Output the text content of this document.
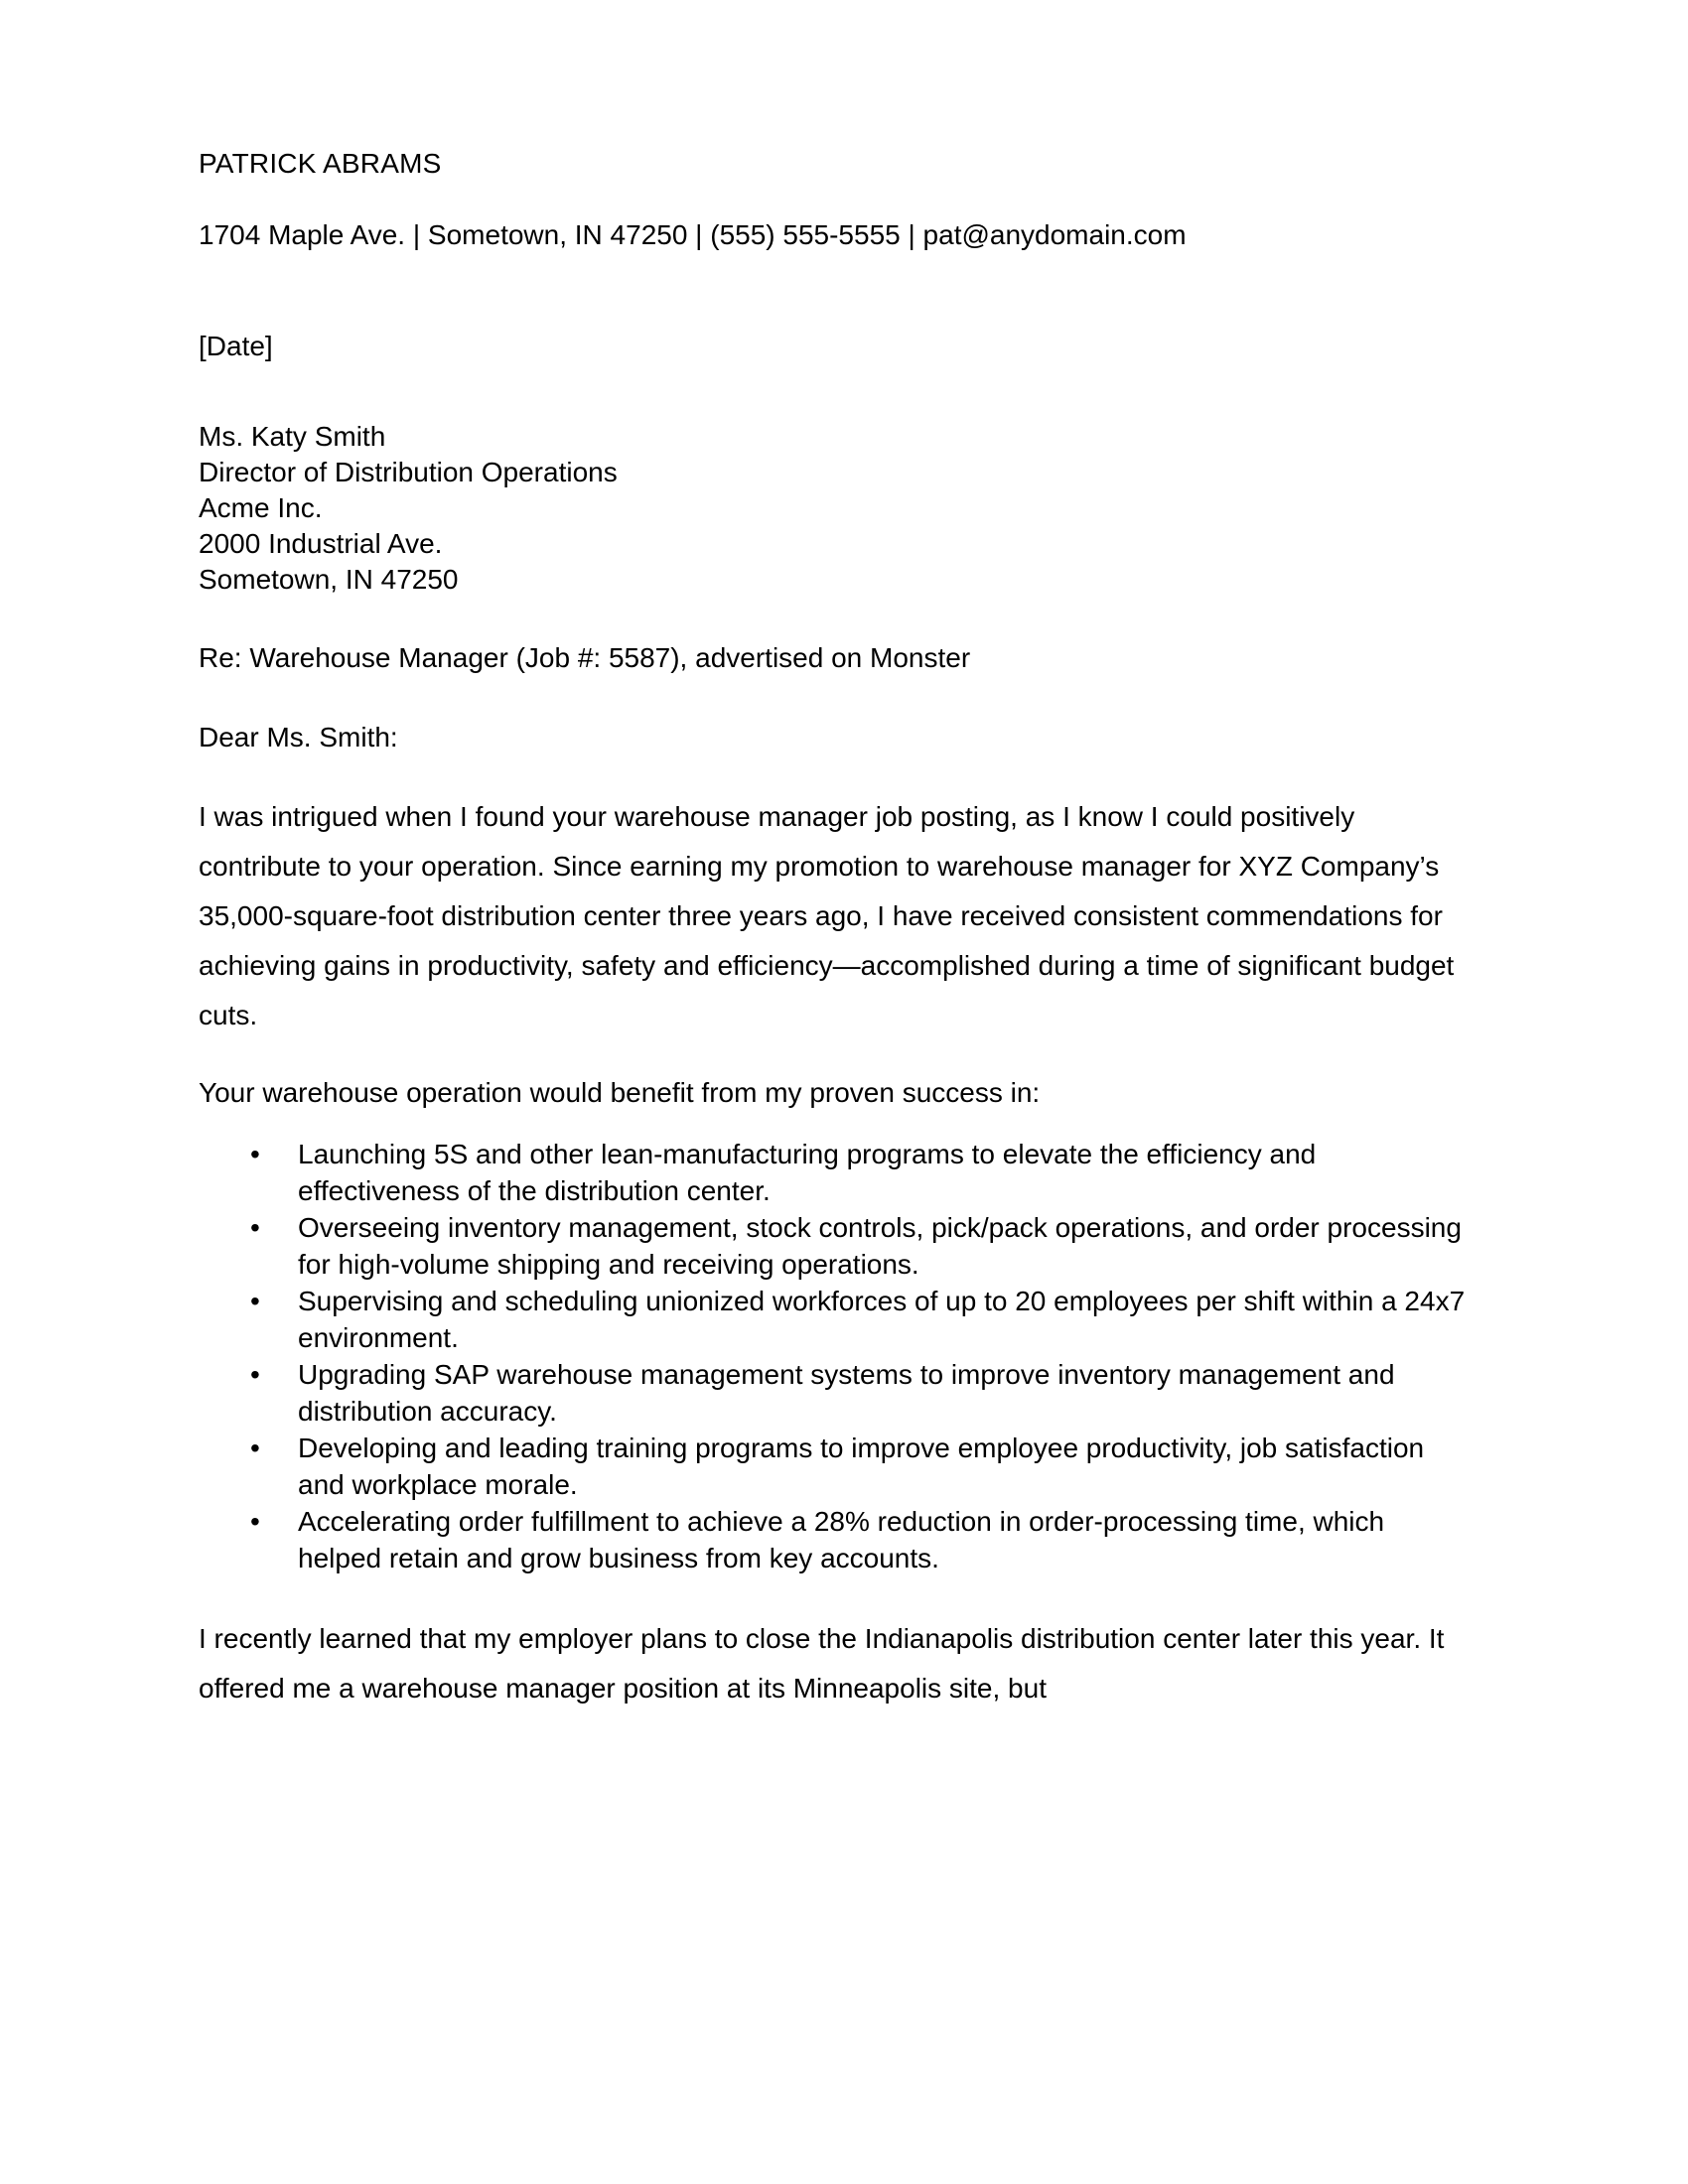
PATRICK ABRAMS
1704 Maple Ave. | Sometown, IN 47250 | (555) 555-5555 | pat@anydomain.com
[Date]
Ms. Katy Smith
Director of Distribution Operations
Acme Inc.
2000 Industrial Ave.
Sometown, IN 47250
Re: Warehouse Manager (Job #: 5587), advertised on Monster
Dear Ms. Smith:
I was intrigued when I found your warehouse manager job posting, as I know I could positively contribute to your operation. Since earning my promotion to warehouse manager for XYZ Company’s 35,000-square-foot distribution center three years ago, I have received consistent commendations for achieving gains in productivity, safety and efficiency—accomplished during a time of significant budget cuts.
Your warehouse operation would benefit from my proven success in:
• Launching 5S and other lean-manufacturing programs to elevate the efficiency and effectiveness of the distribution center.
• Overseeing inventory management, stock controls, pick/pack operations, and order processing for high-volume shipping and receiving operations.
• Supervising and scheduling unionized workforces of up to 20 employees per shift within a 24x7 environment.
• Upgrading SAP warehouse management systems to improve inventory management and distribution accuracy.
• Developing and leading training programs to improve employee productivity, job satisfaction and workplace morale.
• Accelerating order fulfillment to achieve a 28% reduction in order-processing time, which helped retain and grow business from key accounts.
I recently learned that my employer plans to close the Indianapolis distribution center later this year. It offered me a warehouse manager position at its Minneapolis site, but
